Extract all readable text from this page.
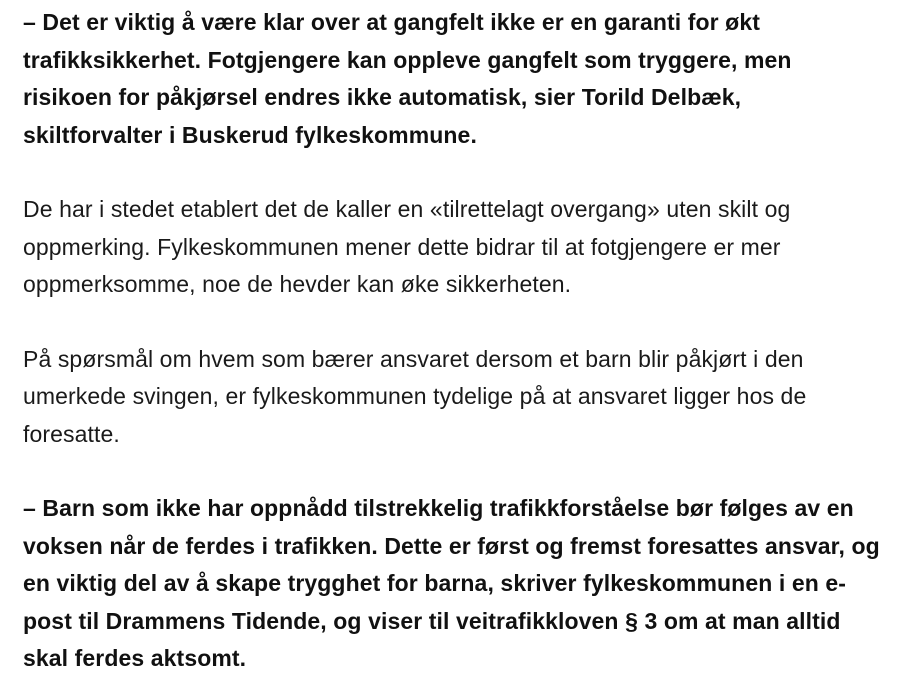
– Det er viktig å være klar over at gangfelt ikke er en garanti for økt trafikksikkerhet. Fotgjengere kan oppleve gangfelt som tryggere, men risikoen for påkjørsel endres ikke automatisk, sier Torild Delbæk, skiltforvalter i Buskerud fylkeskommune.

De har i stedet etablert det de kaller en «tilrettelagt overgang» uten skilt og oppmerking. Fylkeskommunen mener dette bidrar til at fotgjengere er mer oppmerksomme, noe de hevder kan øke sikkerheten.

På spørsmål om hvem som bærer ansvaret dersom et barn blir påkjørt i den umerkede svingen, er fylkeskommunen tydelige på at ansvaret ligger hos de foresatte.

– Barn som ikke har oppnådd tilstrekkelig trafikkforståelse bør følges av en voksen når de ferdes i trafikken. Dette er først og fremst foresattes ansvar, og en viktig del av å skape trygghet for barna, skriver fylkeskommunen i en e-post til Drammens Tidende, og viser til veitrafikkloven § 3 om at man alltid skal ferdes aktsomt.
